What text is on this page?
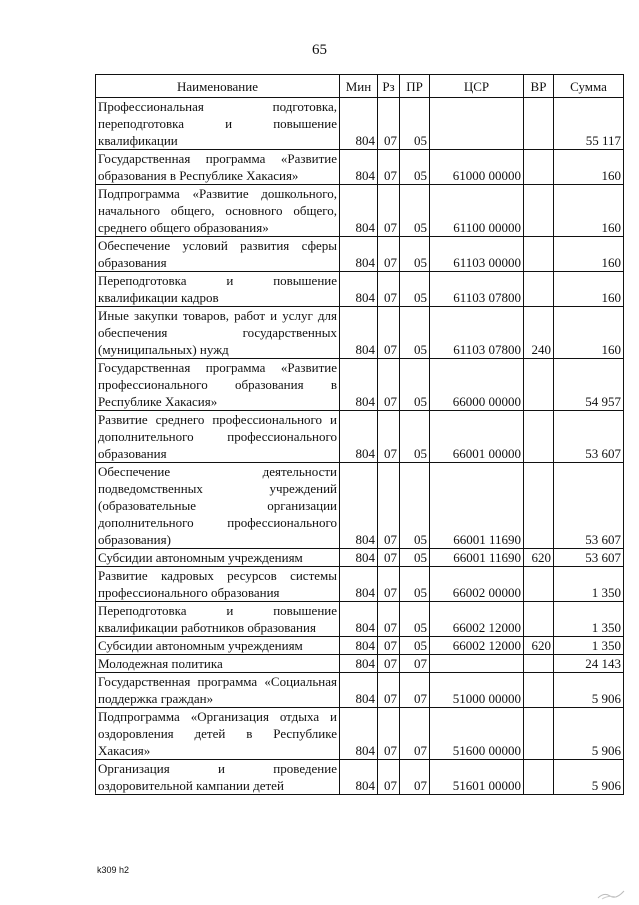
65
Наименование	Мин	Рз	ПР	ЦСР	ВР	Сумма
Профессиональная подготовка, переподготовка и повышение квалификации	804	07	05			55 117
Государственная программа «Развитие образования в Республике Хакасия»	804	07	05	61000 00000		160
Подпрограмма «Развитие дошкольного, начального общего, основного общего, среднего общего образования»	804	07	05	61100 00000		160
Обеспечение условий развития сферы образования	804	07	05	61103 00000		160
Переподготовка и повышение квалификации кадров	804	07	05	61103 07800		160
Иные закупки товаров, работ и услуг для обеспечения государственных (муниципальных) нужд	804	07	05	61103 07800	240	160
Государственная программа «Развитие профессионального образования в Республике Хакасия»	804	07	05	66000 00000		54 957
Развитие среднего профессионального и дополнительного профессионального образования	804	07	05	66001 00000		53 607
Обеспечение деятельности подведомственных учреждений (образовательные организации дополнительного профессионального образования)	804	07	05	66001 11690		53 607
Субсидии автономным учреждениям	804	07	05	66001 11690	620	53 607
Развитие кадровых ресурсов системы профессионального образования	804	07	05	66002 00000		1 350
Переподготовка и повышение квалификации работников образования	804	07	05	66002 12000		1 350
Субсидии автономным учреждениям	804	07	05	66002 12000	620	1 350
Молодежная политика	804	07	07			24 143
Государственная программа «Социальная поддержка граждан»	804	07	07	51000 00000		5 906
Подпрограмма «Организация отдыха и оздоровления детей в Республике Хакасия»	804	07	07	51600 00000		5 906
Организация и проведение оздоровительной кампании детей	804	07	07	51601 00000		5 906
k309 h2
